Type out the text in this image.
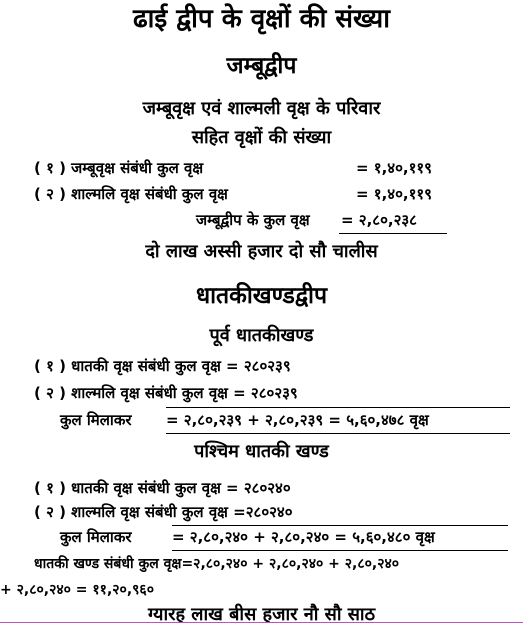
ढाई द्वीप के वृक्षों की संख्या
जम्बूद्वीप
जम्बूवृक्ष एवं शाल्मली वृक्ष के परिवार
सहित वृक्षों की संख्या
( १ ) जम्बूवृक्ष संबंधी कुल वृक्ष	= १,४०,११९
( २ ) शाल्मलि वृक्ष संबंधी कुल वृक्ष	= १,४०,११९
जम्बूद्वीप के कुल वृक्ष = २,८०,२३८
दो लाख अस्सी हजार दो सौ चालीस
धातकीखण्डद्वीप
पूर्व धातकीखण्ड
( १ ) धातकी वृक्ष संबंधी कुल वृक्ष = २८०२३९
( २ ) शाल्मलि वृक्ष संबंधी कुल वृक्ष = २८०२३९
कुल मिलाकर = २,८०,२३९ + २,८०,२३९ = ५,६०,४७८ वृक्ष
पश्चिम धातकी खण्ड
( १ ) धातकी वृक्ष संबंधी कुल वृक्ष = २८०२४०
( २ ) शाल्मलि वृक्ष संबंधी कुल वृक्ष =२८०२४०
कुल मिलाकर	= २,८०,२४० + २,८०,२४० = ५,६०,४८० वृक्ष
धातकी खण्ड संबंधी कुल वृक्ष=२,८०,२४० + २,८०,२४० + २,८०,२४०
+ २,८०,२४० = ११,२०,९६०
ग्यारह लाख बीस हजार नौ सौ साठ
